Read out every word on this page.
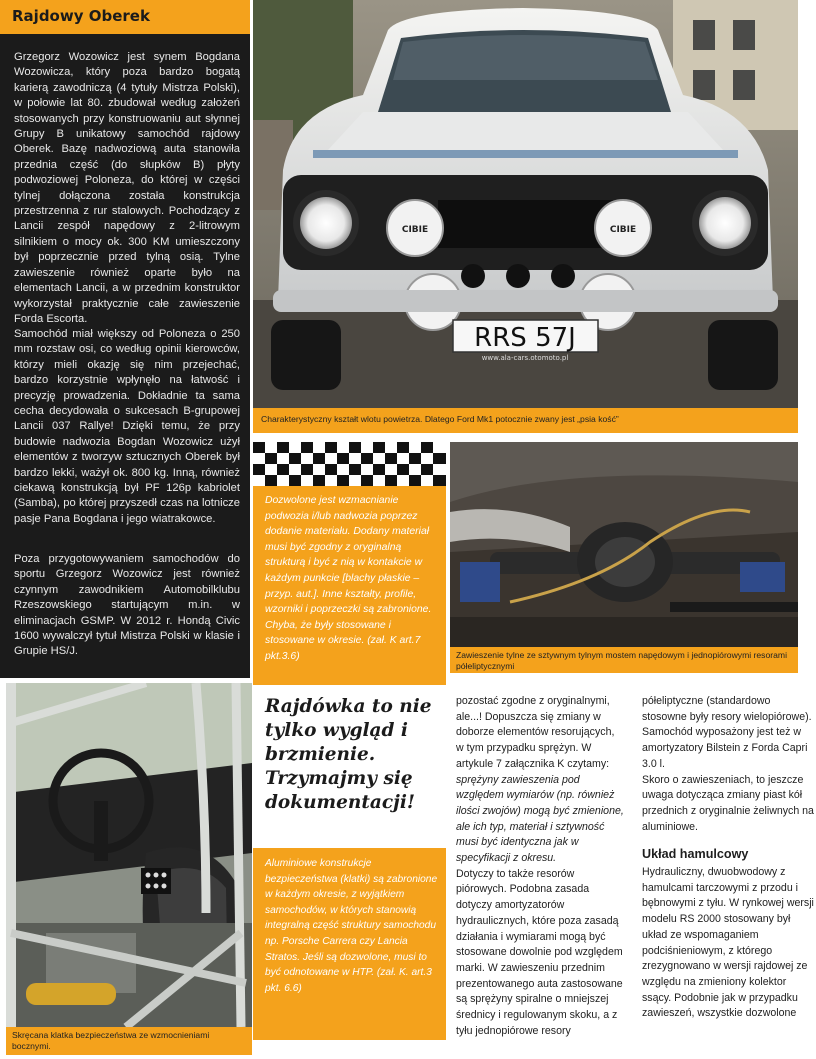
Rajdowy Oberek
Grzegorz Wozowicz jest synem Bogdana Wozowicza, który poza bardzo bogatą karierą zawodniczą (4 tytuły Mistrza Polski), w połowie lat 80. zbudował według założeń stosowanych przy konstruowaniu aut słynnej Grupy B unikatowy samochód rajdowy Oberek. Bazę nadwoziową auta stanowiła przednia część (do słupków B) płyty podwoziowej Poloneza, do której w części tylnej dołączona została konstrukcja przestrzenna z rur stalowych. Pochodzący z Lancii zespół napędowy z 2-litrowym silnikiem o mocy ok. 300 KM umieszczony był poprzecznie przed tylną osią. Tylne zawieszenie również oparte było na elementach Lancii, a w przednim konstruktor wykorzystał praktycznie całe zawieszenie Forda Escorta.
Samochód miał większy od Poloneza o 250 mm rozstaw osi, co według opinii kierowców, którzy mieli okazję się nim przejechać, bardzo korzystnie wpłynęło na łatwość i precyzję prowadzenia. Dokładnie ta sama cecha decydowała o sukcesach B-grupowej Lancii 037 Rallye! Dzięki temu, że przy budowie nadwozia Bogdan Wozowicz użył elementów z tworzyw sztucznych Oberek był bardzo lekki, ważył ok. 800 kg. Inną, również ciekawą konstrukcją był PF 126p kabriolet (Samba), po której przyszedł czas na lotnicze pasje Pana Bogdana i jego wiatrakowce.
Poza przygotowywaniem samochodów do sportu Grzegorz Wozowicz jest również czynnym zawodnikiem Automobilklubu Rzeszowskiego startującym m.in. w eliminacjach GSMP. W 2012 r. Hondą Civic 1600 wywalczył tytuł Mistrza Polski w klasie i Grupie HS/J.
CIBIE	CIBIE
RRS 57J
www.ala-cars.otomoto.pl
Charakterystyczny kształt wlotu powietrza. Dlatego Ford Mk1 potocznie zwany jest „psia kość”
Dozwolone jest wzmacnianie podwozia i/lub nadwozia poprzez dodanie materiału. Dodany materiał musi być zgodny z oryginalną strukturą i być z nią w kontakcie w każdym punkcie [blachy płaskie – przyp. aut.]. Inne kształty, profile, wzorniki i poprzeczki są zabronione. Chyba, że były stosowane i stosowane w okresie. (zał. K art.7 pkt.3.6)	Zawieszenie tylne ze sztywnym tylnym mostem napędowym i jednopiórowymi resorami półeliptycznymi
Skręcana klatka bezpieczeństwa ze wzmocnieniami bocznymi.
Rajdówka to nie tylko wygląd i brzmienie. Trzymajmy się dokumentacji!
Aluminiowe konstrukcje bezpieczeństwa (klatki) są zabronione w każdym okresie, z wyjątkiem samochodów, w których stanowią integralną część struktury samochodu np. Porsche Carrera czy Lancia Stratos. Jeśli są dozwolone, musi to być odnotowane w HTP. (zał. K. art.3 pkt. 6.6)

pozostać zgodne z oryginalnymi, ale...! Dopuszcza się zmiany w doborze elementów resorujących, w tym przypadku sprężyn. W artykule 7 załącznika K czytamy:

sprężyny zawieszenia pod względem wymiarów (np. również ilości zwojów) mogą być zmienione, ale ich typ, materiał i sztywność musi być identyczna jak w specyfikacji z okresu.

Dotyczy to także resorów piórowych. Podobna zasada dotyczy amortyzatorów hydraulicznych, które poza zasadą działania i wymiarami mogą być stosowane dowolnie pod względem marki. W zawieszeniu przednim prezentowanego auta zastosowane są sprężyny spiralne o mniejszej średnicy i regulowanym skoku, a z tyłu jednopiórowe resory

półeliptyczne (standardowo stosowne były resory wielopiórowe). Samochód wyposażony jest też w amortyzatory Bilstein z Forda Capri 3.0 l.

Skoro o zawieszeniach, to jeszcze uwaga dotycząca zmiany piast kół przednich z oryginalnie żeliwnych na aluminiowe.

Układ hamulcowy

Hydrauliczny, dwuobwodowy z hamulcami tarczowymi z przodu i bębnowymi z tyłu. W rynkowej wersji modelu RS 2000 stosowany był układ ze wspomaganiem podciśnieniowym, z którego zrezygnowano w wersji rajdowej ze względu na zmieniony kolektor ssący. Podobnie jak w przypadku zawieszeń, wszystkie dozwolone
